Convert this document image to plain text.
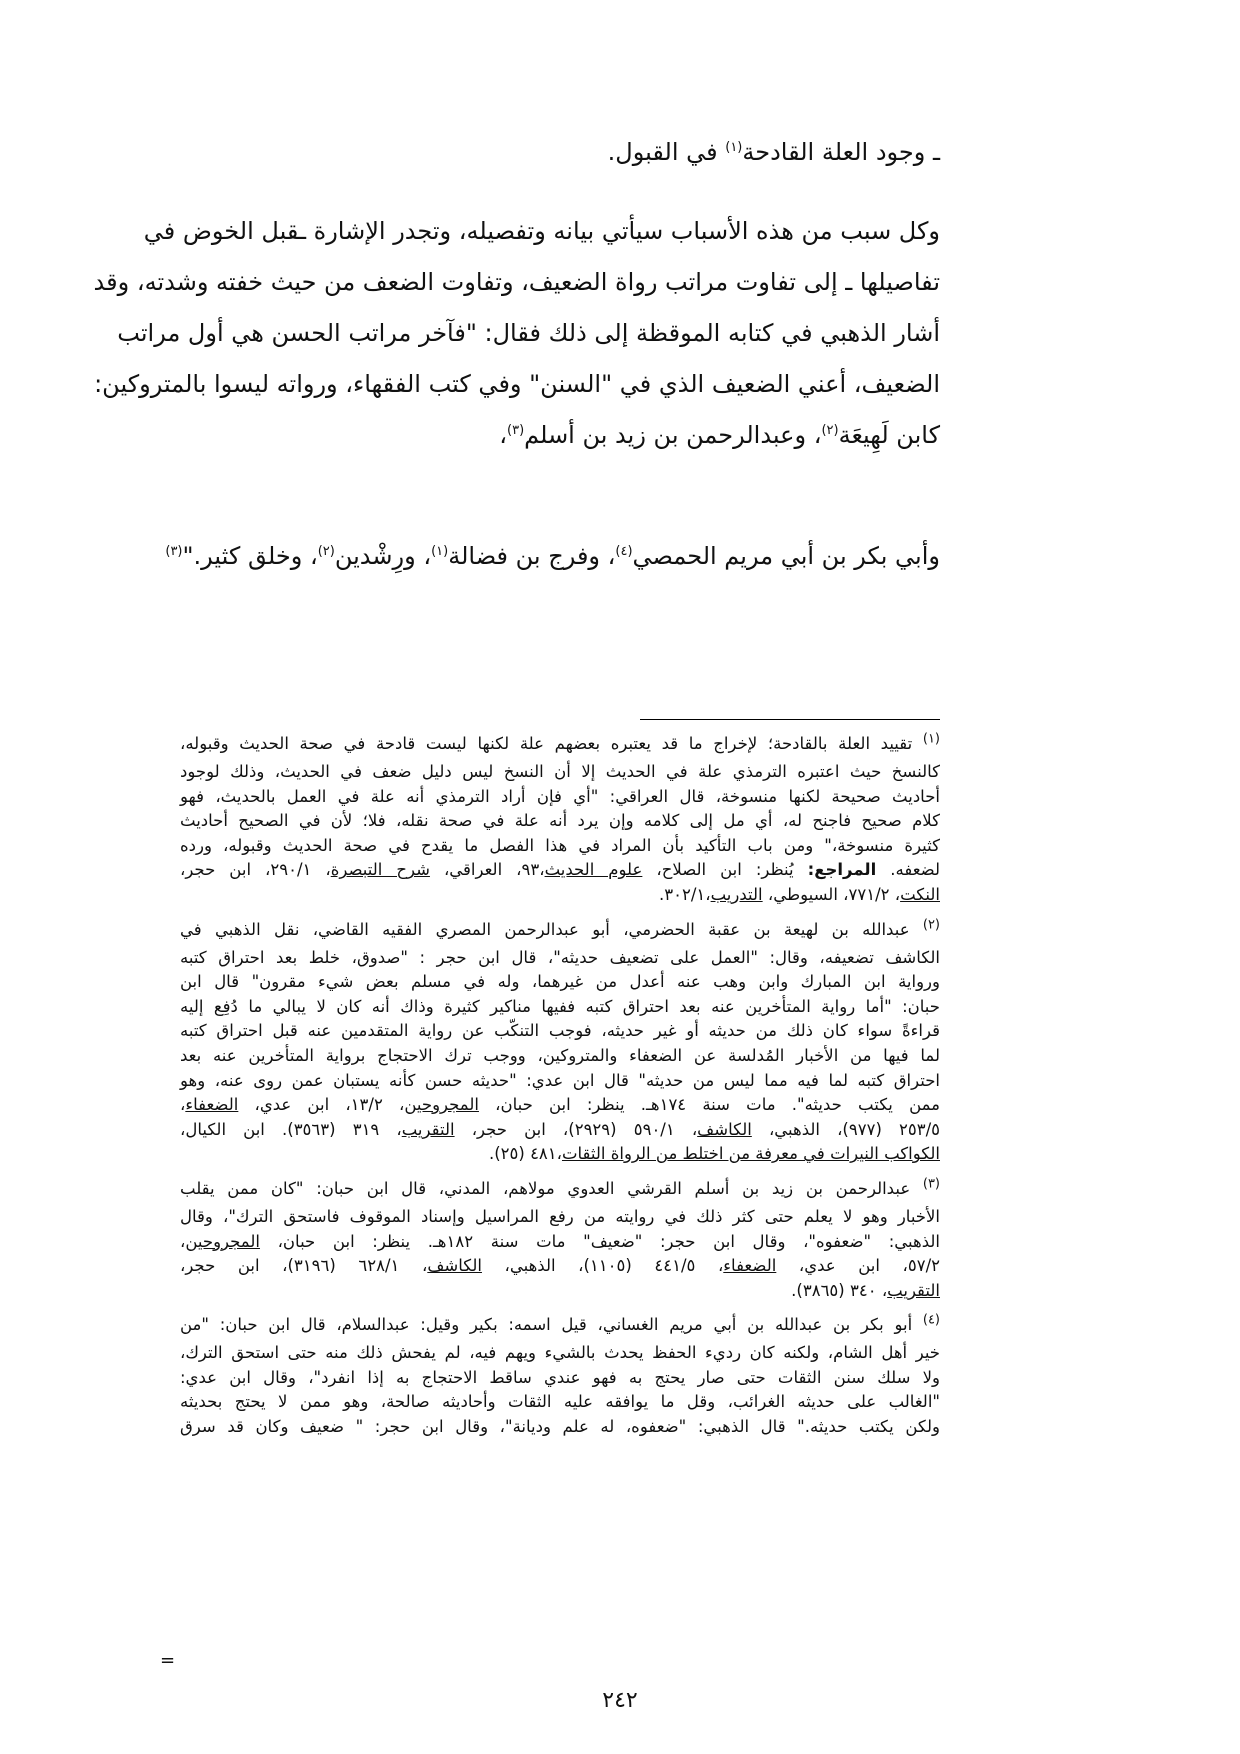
ـ وجود العلة القادحة$^{(١)}$ في القبول.

وكل سبب من هذه الأسباب سيأتي بيانه وتفصيله، وتجدر الإشارة ـقبل الخوض في
تفاصيلها ـ إلى تفاوت مراتب رواة الضعيف، وتفاوت الضعف من حيث خفته وشدته، وقد
أشار الذهبي في كتابه الموقظة إلى ذلك فقال: "فآخر مراتب الحسن هي أول مراتب
الضعيف، أعني الضعيف الذي في "السنن" وفي كتب الفقهاء، ورواته ليسوا بالمتروكين:
كابن لَهِيعَة$^{(٢)}$، وعبدالرحمن بن زيد بن أسلم$^{(٣)}$،

وأبي بكر بن أبي مريم الحمصي$^{(٤)}$، وفرج بن فضالة$^{(١)}$، ورِشْدين$^{(٢)}$، وخلق كثير."$^{(٣)}$

$^{(١)}$ تقييد العلة بالقادحة؛ لإخراج ما قد يعتبره بعضهم علة لكنها ليست قادحة في صحة الحديث وقبوله،
كالنسخ حيث اعتبره الترمذي علة في الحديث إلا أن النسخ ليس دليل ضعف في الحديث، وذلك لوجود
أحاديث صحيحة لكنها منسوخة، قال العراقي: "أي فإن أراد الترمذي أنه علة في العمل بالحديث، فهو
كلام صحيح فاجنح له، أي مل إلى كلامه وإن يرد أنه علة في صحة نقله، فلا؛ لأن في الصحيح أحاديث
كثيرة منسوخة،" ومن باب التأكيد بأن المراد في هذا الفصل ما يقدح في صحة الحديث وقبوله، ورده
لضعفه. المراجع: يُنظر: ابن الصلاح، علوم الحديث،٩٣، العراقي، شرح التبصرة، ٢٩٠/١، ابن حجر،
النكت، ٧٧١/٢، السيوطي، التدريب،٣٠٢/١.
$^{(٢)}$ عبدالله بن لهيعة بن عقبة الحضرمي، أبو عبدالرحمن المصري الفقيه القاضي، نقل الذهبي في
الكاشف تضعيفه، وقال: "العمل على تضعيف حديثه"، قال ابن حجر : "صدوق، خلط بعد احتراق كتبه
ورواية ابن المبارك وابن وهب عنه أعدل من غيرهما، وله في مسلم بعض شيء مقرون" قال ابن
حبان: "أما رواية المتأخرين عنه بعد احتراق كتبه ففيها مناكير كثيرة وذاك أنه كان لا يبالي ما دُفِع إليه
قراءةً سواء كان ذلك من حديثه أو غير حديثه، فوجب التنكّب عن رواية المتقدمين عنه قبل احتراق كتبه
لما فيها من الأخبار المُدلسة عن الضعفاء والمتروكين، ووجب ترك الاحتجاج برواية المتأخرين عنه بعد
احتراق كتبه لما فيه مما ليس من حديثه" قال ابن عدي: "حديثه حسن كأنه يستبان عمن روى عنه، وهو
ممن يكتب حديثه". مات سنة ١٧٤هـ. ينظر: ابن حبان، المجروحين، ١٣/٢، ابن عدي، الضعفاء،
٢٥٣/٥ (٩٧٧)، الذهبي، الكاشف، ٥٩٠/١ (٢٩٢٩)، ابن حجر، التقريب، ٣١٩ (٣٥٦٣). ابن الكيال،
الكواكب النيرات في معرفة من اختلط من الرواة الثقات،٤٨١ (٢٥).
$^{(٣)}$ عبدالرحمن بن زيد بن أسلم القرشي العدوي مولاهم، المدني، قال ابن حبان: "كان ممن يقلب
الأخبار وهو لا يعلم حتى كثر ذلك في روايته من رفع المراسيل وإسناد الموقوف فاستحق الترك"، وقال
الذهبي: "ضعفوه"، وقال ابن حجر: "ضعيف" مات سنة ١٨٢هـ. ينظر: ابن حبان، المجروحين،
٥٧/٢، ابن عدي، الضعفاء، ٤٤١/٥ (١١٠٥)، الذهبي، الكاشف، ٦٢٨/١ (٣١٩٦)، ابن حجر،
التقريب، ٣٤٠ (٣٨٦٥).
$^{(٤)}$ أبو بكر بن عبدالله بن أبي مريم الغساني، قيل اسمه: بكير وقيل: عبدالسلام، قال ابن حبان: "من
خير أهل الشام، ولكنه كان رديء الحفظ يحدث بالشيء ويهم فيه، لم يفحش ذلك منه حتى استحق الترك،
ولا سلك سنن الثقات حتى صار يحتج به فهو عندي ساقط الاحتجاج به إذا انفرد"، وقال ابن عدي:
"الغالب على حديثه الغرائب، وقل ما يوافقه عليه الثقات وأحاديثه صالحة، وهو ممن لا يحتج بحديثه
ولكن يكتب حديثه." قال الذهبي: "ضعفوه، له علم وديانة"، وقال ابن حجر: " ضعيف وكان قد سرق
=
٢٤٢
